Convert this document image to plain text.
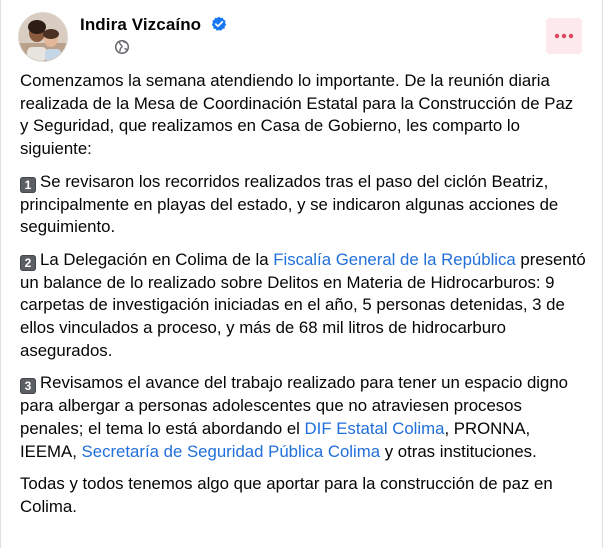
Indira Vizcaíno

Comenzamos la semana atendiendo lo importante. De la reunión diaria realizada de la Mesa de Coordinación Estatal para la Construcción de Paz y Seguridad, que realizamos en Casa de Gobierno, les comparto lo siguiente:

1 Se revisaron los recorridos realizados tras el paso del ciclón Beatriz, principalmente en playas del estado, y se indicaron algunas acciones de seguimiento.

2 La Delegación en Colima de la Fiscalía General de la República presentó un balance de lo realizado sobre Delitos en Materia de Hidrocarburos: 9 carpetas de investigación iniciadas en el año, 5 personas detenidas, 3 de ellos vinculados a proceso, y más de 68 mil litros de hidrocarburo asegurados.

3 Revisamos el avance del trabajo realizado para tener un espacio digno para albergar a personas adolescentes que no atraviesen procesos penales; el tema lo está abordando el DIF Estatal Colima, PRONNA, IEEMA, Secretaría de Seguridad Pública Colima y otras instituciones.

Todas y todos tenemos algo que aportar para la construcción de paz en Colima.
